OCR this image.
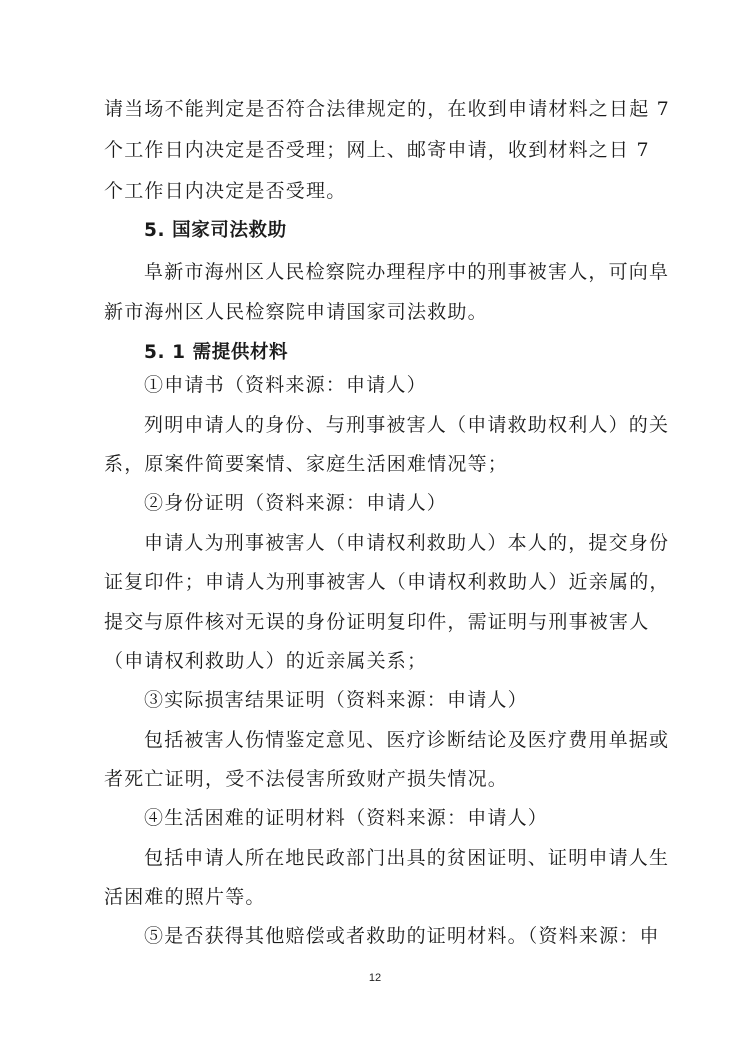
请当场不能判定是否符合法律规定的，在收到申请材料之日起 7
个工作日内决定是否受理；网上、邮寄申请，收到材料之日 7
个工作日内决定是否受理。
5. 国家司法救助
阜新市海州区人民检察院办理程序中的刑事被害人，可向阜
新市海州区人民检察院申请国家司法救助。
5. 1 需提供材料
①申请书（资料来源：申请人）
列明申请人的身份、与刑事被害人（申请救助权利人）的关
系，原案件简要案情、家庭生活困难情况等；
②身份证明（资料来源：申请人）
申请人为刑事被害人（申请权利救助人）本人的，提交身份
证复印件；申请人为刑事被害人（申请权利救助人）近亲属的，
提交与原件核对无误的身份证明复印件，需证明与刑事被害人
（申请权利救助人）的近亲属关系；
③实际损害结果证明（资料来源：申请人）
包括被害人伤情鉴定意见、医疗诊断结论及医疗费用单据或
者死亡证明，受不法侵害所致财产损失情况。
④生活困难的证明材料（资料来源：申请人）
包括申请人所在地民政部门出具的贫困证明、证明申请人生
活困难的照片等。
⑤是否获得其他赔偿或者救助的证明材料。（资料来源：申
12
